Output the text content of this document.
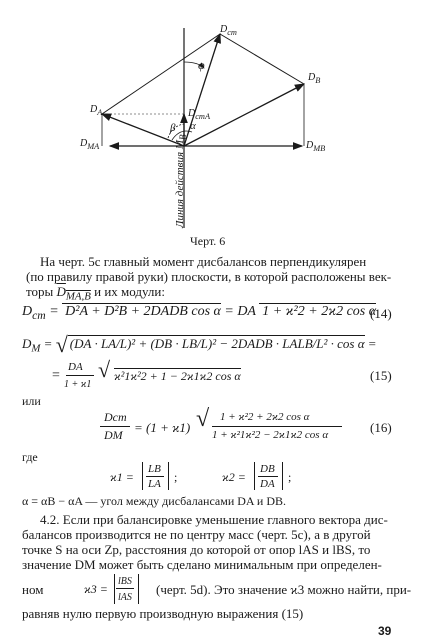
$D_{ст}$
$D_B$
$D_A$	$D_{стA}$
$D_{MA}$	$D_{MB}$
φ
α
β
Линия действия $M_В$
Черт. 6
На черт. 5с главный момент дисбалансов перпендикулярен
(по правилу правой руки) плоскости, в которой расположены век-
торы $D_{MA,B}$ и их модули:
$D_{ст} = D^2A + D^2B$ + 2DADB cos α = DA 1 + ϰ²2 + 2ϰ2 cos α
(14)
$D_M$ = √ (DA · LA/L)² + (DB · LB/L)² − 2DADB · LALB/L² · cos α =
=
DA
1 + ϰ1
√ ϰ²1ϰ²2 + 1 − 2ϰ1ϰ2 cos α	(15)
или
Dст
DM = (1 + ϰ1) √ 1 + ϰ²2 + 2ϰ2 cos α
1 + ϰ²1ϰ²2 − 2ϰ1ϰ2 cos α	(16)
где
ϰ1 =
LB
LA ;	ϰ2 =
DB
DA ;
α = αB − αA — угол между дисбалансами DA и DB.
4.2. Если при балансировке уменьшение главного вектора дис-
балансов производится не по центру масс (черт. 5с), а в другой
точке S на оси Zp, расстояния до которой от опор lAS и lBS, то
значение DM может быть сделано минимальным при определен-
ном	ϰ3 =
lBS
lAS
(черт. 5d). Это значение ϰ3 можно найти, при-
равняв нулю первую производную выражения (15)
39
